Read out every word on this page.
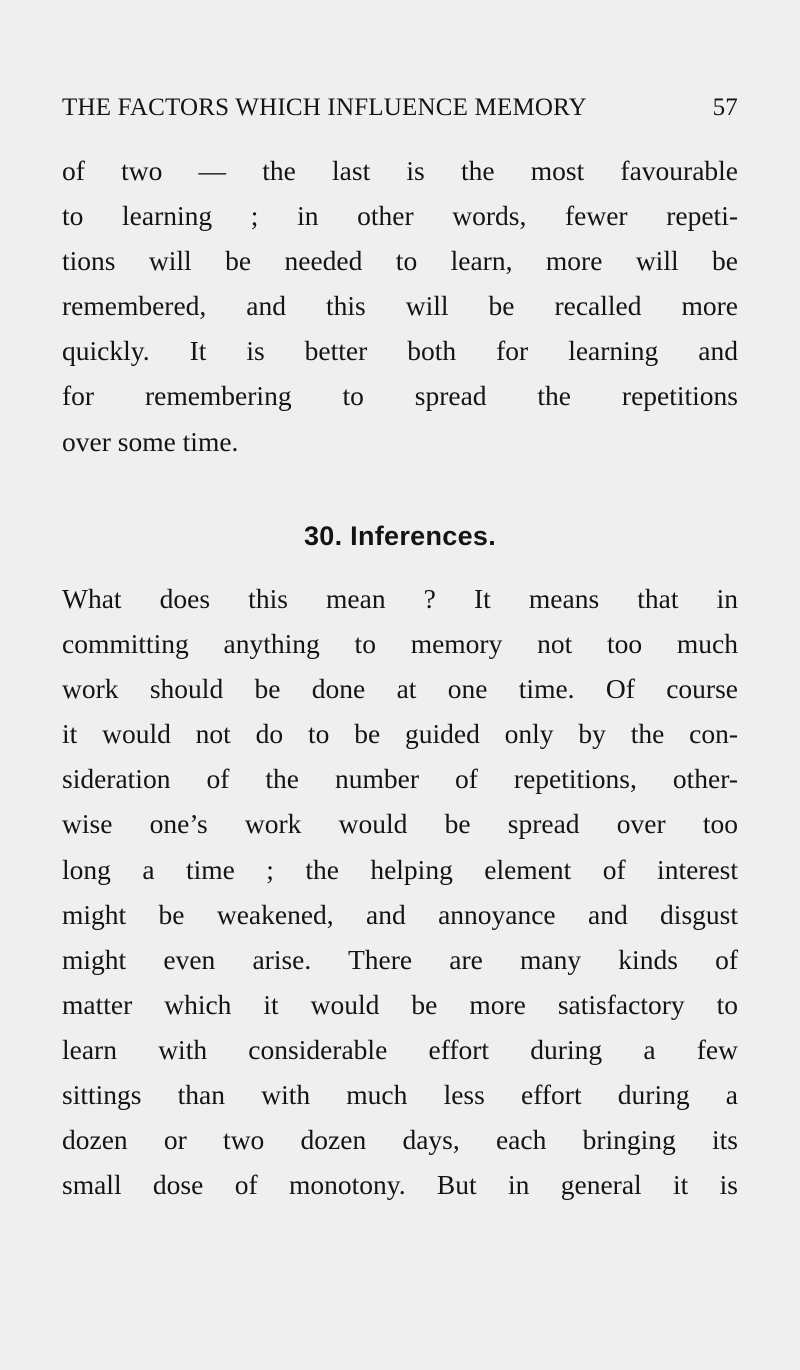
THE FACTORS WHICH INFLUENCE MEMORY	57
of two — the last is the most favourable
to learning ; in other words, fewer repeti-
tions will be needed to learn, more will be
remembered, and this will be recalled more
quickly. It is better both for learning and
for remembering to spread the repetitions
over some time.
30. Inferences.
What does this mean ? It means that in
committing anything to memory not too much
work should be done at one time. Of course
it would not do to be guided only by the con-
sideration of the number of repetitions, other-
wise one’s work would be spread over too
long a time ; the helping element of interest
might be weakened, and annoyance and disgust
might even arise. There are many kinds of
matter which it would be more satisfactory to
learn with considerable effort during a few
sittings than with much less effort during a
dozen or two dozen days, each bringing its
small dose of monotony. But in general it is
